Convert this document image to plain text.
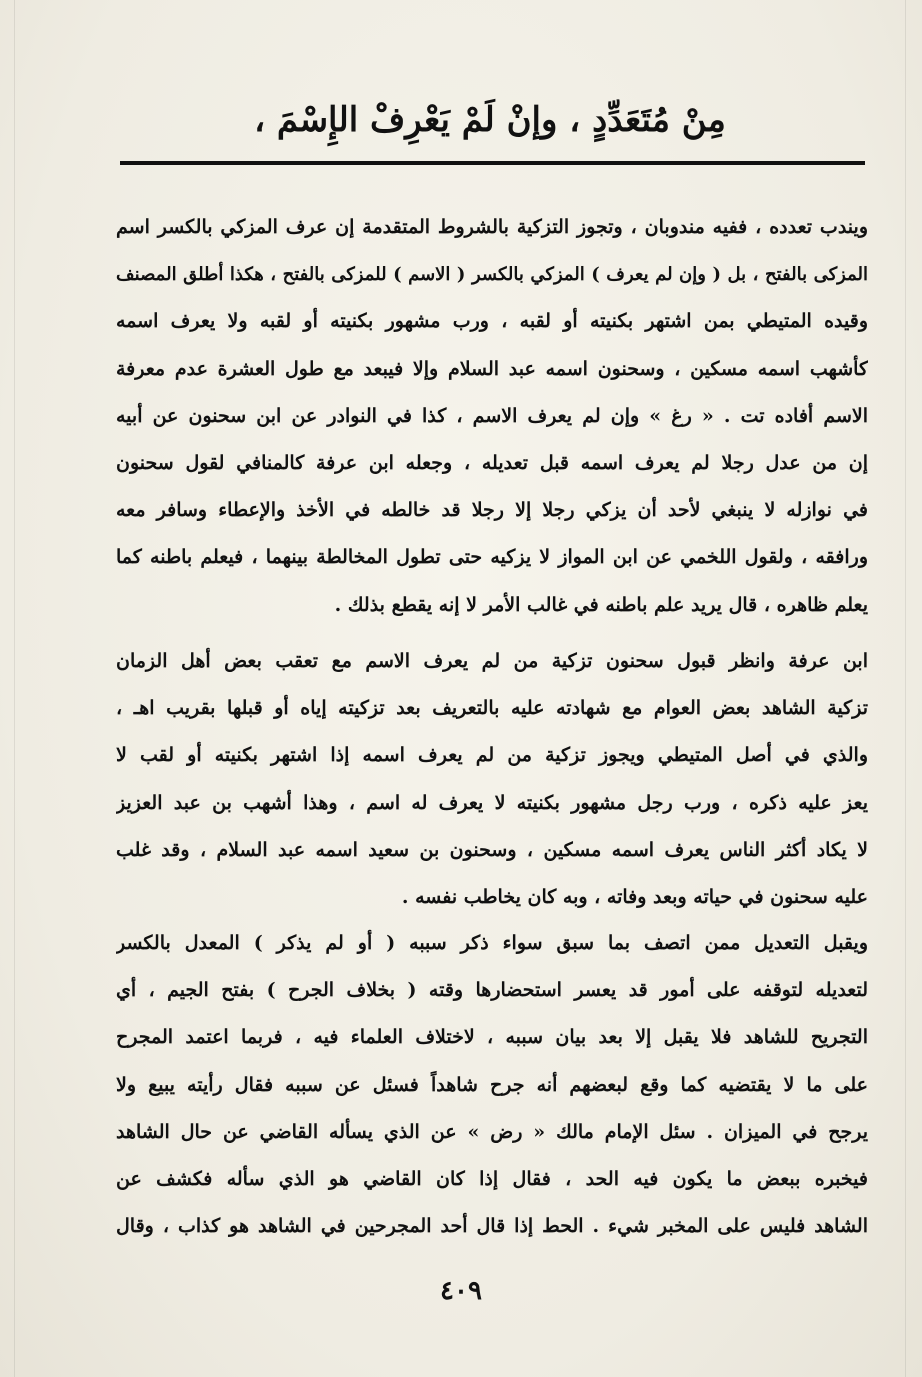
مِنْ مُتَعَدِّدٍ ، وإنْ لَمْ يَعْرِفْ الإِسْمَ ،
ويندب تعدده ، ففيه مندوبان ، وتجوز التزكية بالشروط المتقدمة إن عرف المزكي بالكسر اسم
المزكى بالفتح ، بل ( وإن لم يعرف ) المزكي بالكسر ( الاسم ) للمزكى بالفتح ، هكذا أطلق المصنف
وقيده المتيطي بمن اشتهر بكنيته أو لقبه ، ورب مشهور بكنيته أو لقبه ولا يعرف اسمه
كأشهب اسمه مسكين ، وسحنون اسمه عبد السلام وإلا فيبعد مع طول العشرة عدم معرفة
الاسم أفاده تت . « رغ » وإن لم يعرف الاسم ، كذا في النوادر عن ابن سحنون عن أبيه
إن من عدل رجلا لم يعرف اسمه قبل تعديله ، وجعله ابن عرفة كالمنافي لقول سحنون
في نوازله لا ينبغي لأحد أن يزكي رجلا إلا رجلا قد خالطه في الأخذ والإعطاء وسافر معه
ورافقه ، ولقول اللخمي عن ابن المواز لا يزكيه حتى تطول المخالطة بينهما ، فيعلم باطنه كما
يعلم ظاهره ، قال يريد علم باطنه في غالب الأمر لا إنه يقطع بذلك .
ابن عرفة وانظر قبول سحنون تزكية من لم يعرف الاسم مع تعقب بعض أهل الزمان
تزكية الشاهد بعض العوام مع شهادته عليه بالتعريف بعد تزكيته إياه أو قبلها بقريب اهـ ،
والذي في أصل المتيطي ويجوز تزكية من لم يعرف اسمه إذا اشتهر بكنيته أو لقب لا
يعز عليه ذكره ، ورب رجل مشهور بكنيته لا يعرف له اسم ، وهذا أشهب بن عبد العزيز
لا يكاد أكثر الناس يعرف اسمه مسكين ، وسحنون بن سعيد اسمه عبد السلام ، وقد غلب
عليه سحنون في حياته وبعد وفاته ، وبه كان يخاطب نفسه .
ويقبل التعديل ممن اتصف بما سبق سواء ذكر سببه ( أو لم يذكر ) المعدل بالكسر
لتعديله لتوقفه على أمور قد يعسر استحضارها وقته ( بخلاف الجرح ) بفتح الجيم ، أي
التجريح للشاهد فلا يقبل إلا بعد بيان سببه ، لاختلاف العلماء فيه ، فربما اعتمد المجرح
على ما لا يقتضيه كما وقع لبعضهم أنه جرح شاهداً فسئل عن سببه فقال رأيته يبيع ولا
يرجح في الميزان . سئل الإمام مالك « رض » عن الذي يسأله القاضي عن حال الشاهد
فيخبره ببعض ما يكون فيه الحد ، فقال إذا كان القاضي هو الذي سأله فكشف عن
الشاهد فليس على المخبر شيء . الحط إذا قال أحد المجرحين في الشاهد هو كذاب ، وقال
٤٠٩
